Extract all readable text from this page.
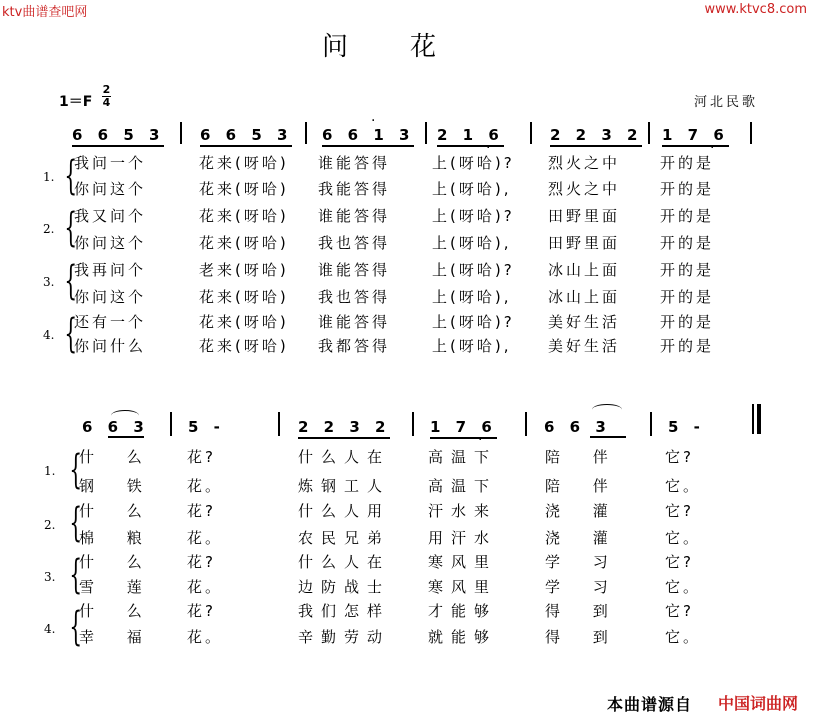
ktv曲谱查吧网	www.ktvc8.com
问花
1＝F
2
4	河北民歌
6 6 5 3 6 6 5 3 6 6 1 3 2 1 6	2 2 3 2 1 7 6
·
·	·
1. {
2. {
3. {
4. {
我问一个	花来(呀哈) 谁能答得	上(呀哈)? 烈火之中	开的是
你问这个	花来(呀哈) 我能答得	上(呀哈), 烈火之中	开的是
我又问个	花来(呀哈) 谁能答得	上(呀哈)? 田野里面	开的是
你问这个	花来(呀哈) 我也答得	上(呀哈), 田野里面	开的是
我再问个	老来(呀哈) 谁能答得	上(呀哈)? 冰山上面	开的是
你问这个	花来(呀哈) 我也答得	上(呀哈), 冰山上面	开的是
还有一个	花来(呀哈) 谁能答得	上(呀哈)? 美好生活	开的是
你问什么	花来(呀哈) 我都答得	上(呀哈), 美好生活	开的是
6 6 3	5 -	2 2 3 2	1 7 6	6 6 3	5 -
·
1. {
2. {
3. {
4. {
什 么 花?	什么人在	高温下	陪 伴	它?
钢 铁 花。	炼钢工人	高温下	陪 伴	它。
什 么 花?	什么人用	汗水来	浇 灌	它?
棉 粮 花。	农民兄弟	用汗水	浇 灌	它。
什 么 花?	什么人在	寒风里	学 习	它?
雪 莲 花。	边防战士	寒风里	学 习	它。
什 么 花?	我们怎样	才能够	得 到	它?
幸 福 花。	辛勤劳动	就能够	得 到	它。
本曲谱源自 中国词曲网
